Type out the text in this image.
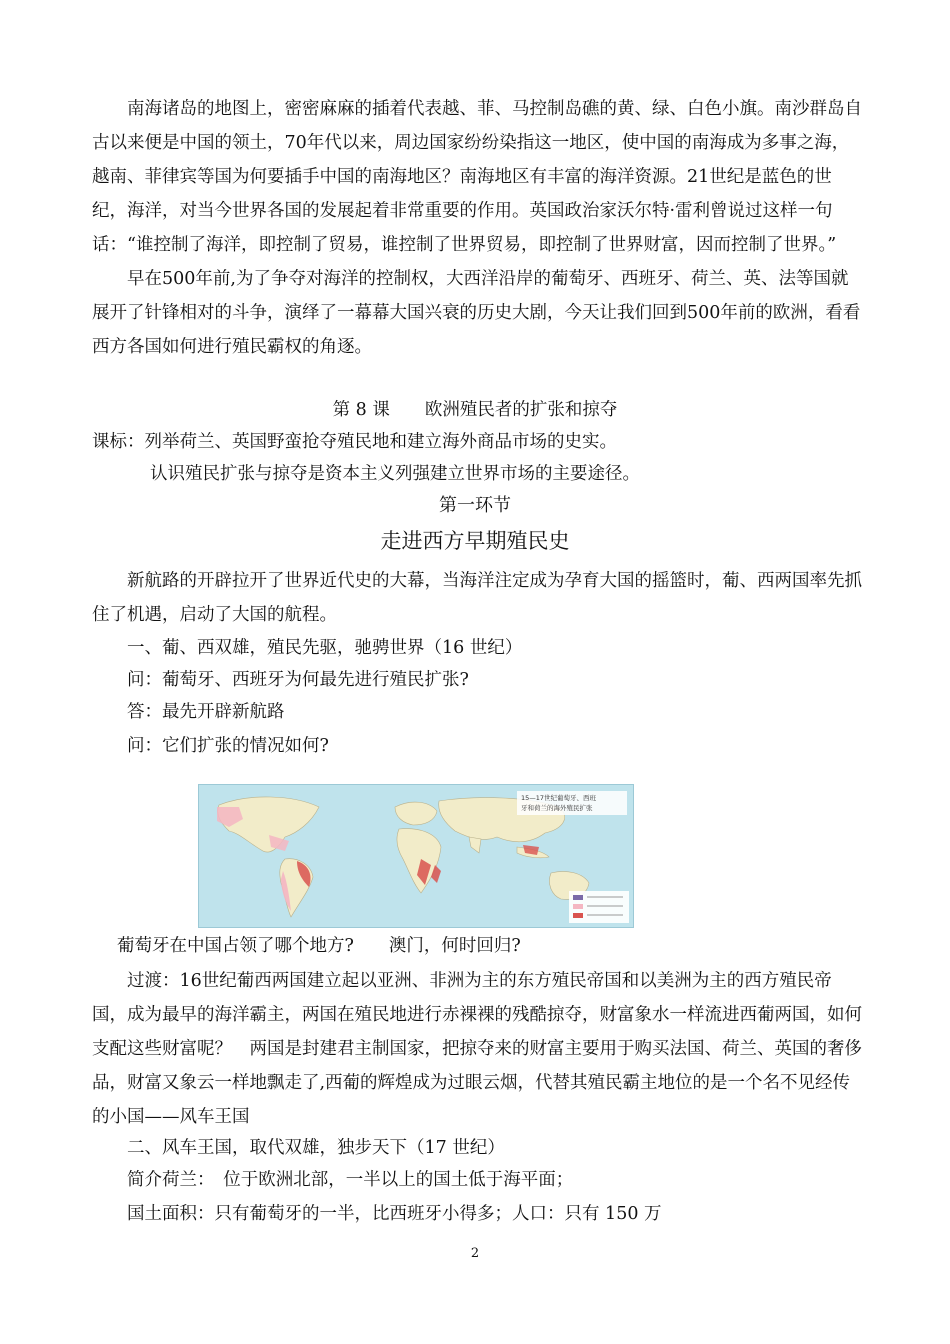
南海诸岛的地图上，密密麻麻的插着代表越、菲、马控制岛礁的黄、绿、白色小旗。南沙群岛自古以来便是中国的领土，70年代以来，周边国家纷纷染指这一地区，使中国的南海成为多事之海，越南、菲律宾等国为何要插手中国的南海地区？南海地区有丰富的海洋资源。21世纪是蓝色的世纪，海洋，对当今世界各国的发展起着非常重要的作用。英国政治家沃尔特·雷利曾说过这样一句话：“谁控制了海洋，即控制了贸易，谁控制了世界贸易，即控制了世界财富，因而控制了世界。”

早在500年前,为了争夺对海洋的控制权，大西洋沿岸的葡萄牙、西班牙、荷兰、英、法等国就展开了针锋相对的斗争，演绎了一幕幕大国兴衰的历史大剧，今天让我们回到500年前的欧洲，看看西方各国如何进行殖民霸权的角逐。

第 8 课　　欧洲殖民者的扩张和掠夺
课标：列举荷兰、英国野蛮抢夺殖民地和建立海外商品市场的史实。
认识殖民扩张与掠夺是资本主义列强建立世界市场的主要途径。
第一环节
走进西方早期殖民史

新航路的开辟拉开了世界近代史的大幕，当海洋注定成为孕育大国的摇篮时，葡、西两国率先抓住了机遇，启动了大国的航程。

一、葡、西双雄，殖民先驱，驰骋世界（16 世纪）
问：葡萄牙、西班牙为何最先进行殖民扩张?
答：最先开辟新航路
问：它们扩张的情况如何?
15—17世纪葡萄牙、西班
牙和荷兰的海外殖民扩张
葡萄牙在中国占领了哪个地方?　　澳门，何时回归?

过渡：16世纪葡西两国建立起以亚洲、非洲为主的东方殖民帝国和以美洲为主的西方殖民帝国，成为最早的海洋霸主，两国在殖民地进行赤裸裸的残酷掠夺，财富象水一样流进西葡两国，如何支配这些财富呢？　两国是封建君主制国家，把掠夺来的财富主要用于购买法国、荷兰、英国的奢侈品，财富又象云一样地飘走了,西葡的辉煌成为过眼云烟，代替其殖民霸主地位的是一个名不见经传的小国——风车王国

二、风车王国，取代双雄，独步天下（17 世纪）
简介荷兰：　位于欧洲北部，一半以上的国土低于海平面；
国土面积：只有葡萄牙的一半，比西班牙小得多；人口：只有 150 万
2
